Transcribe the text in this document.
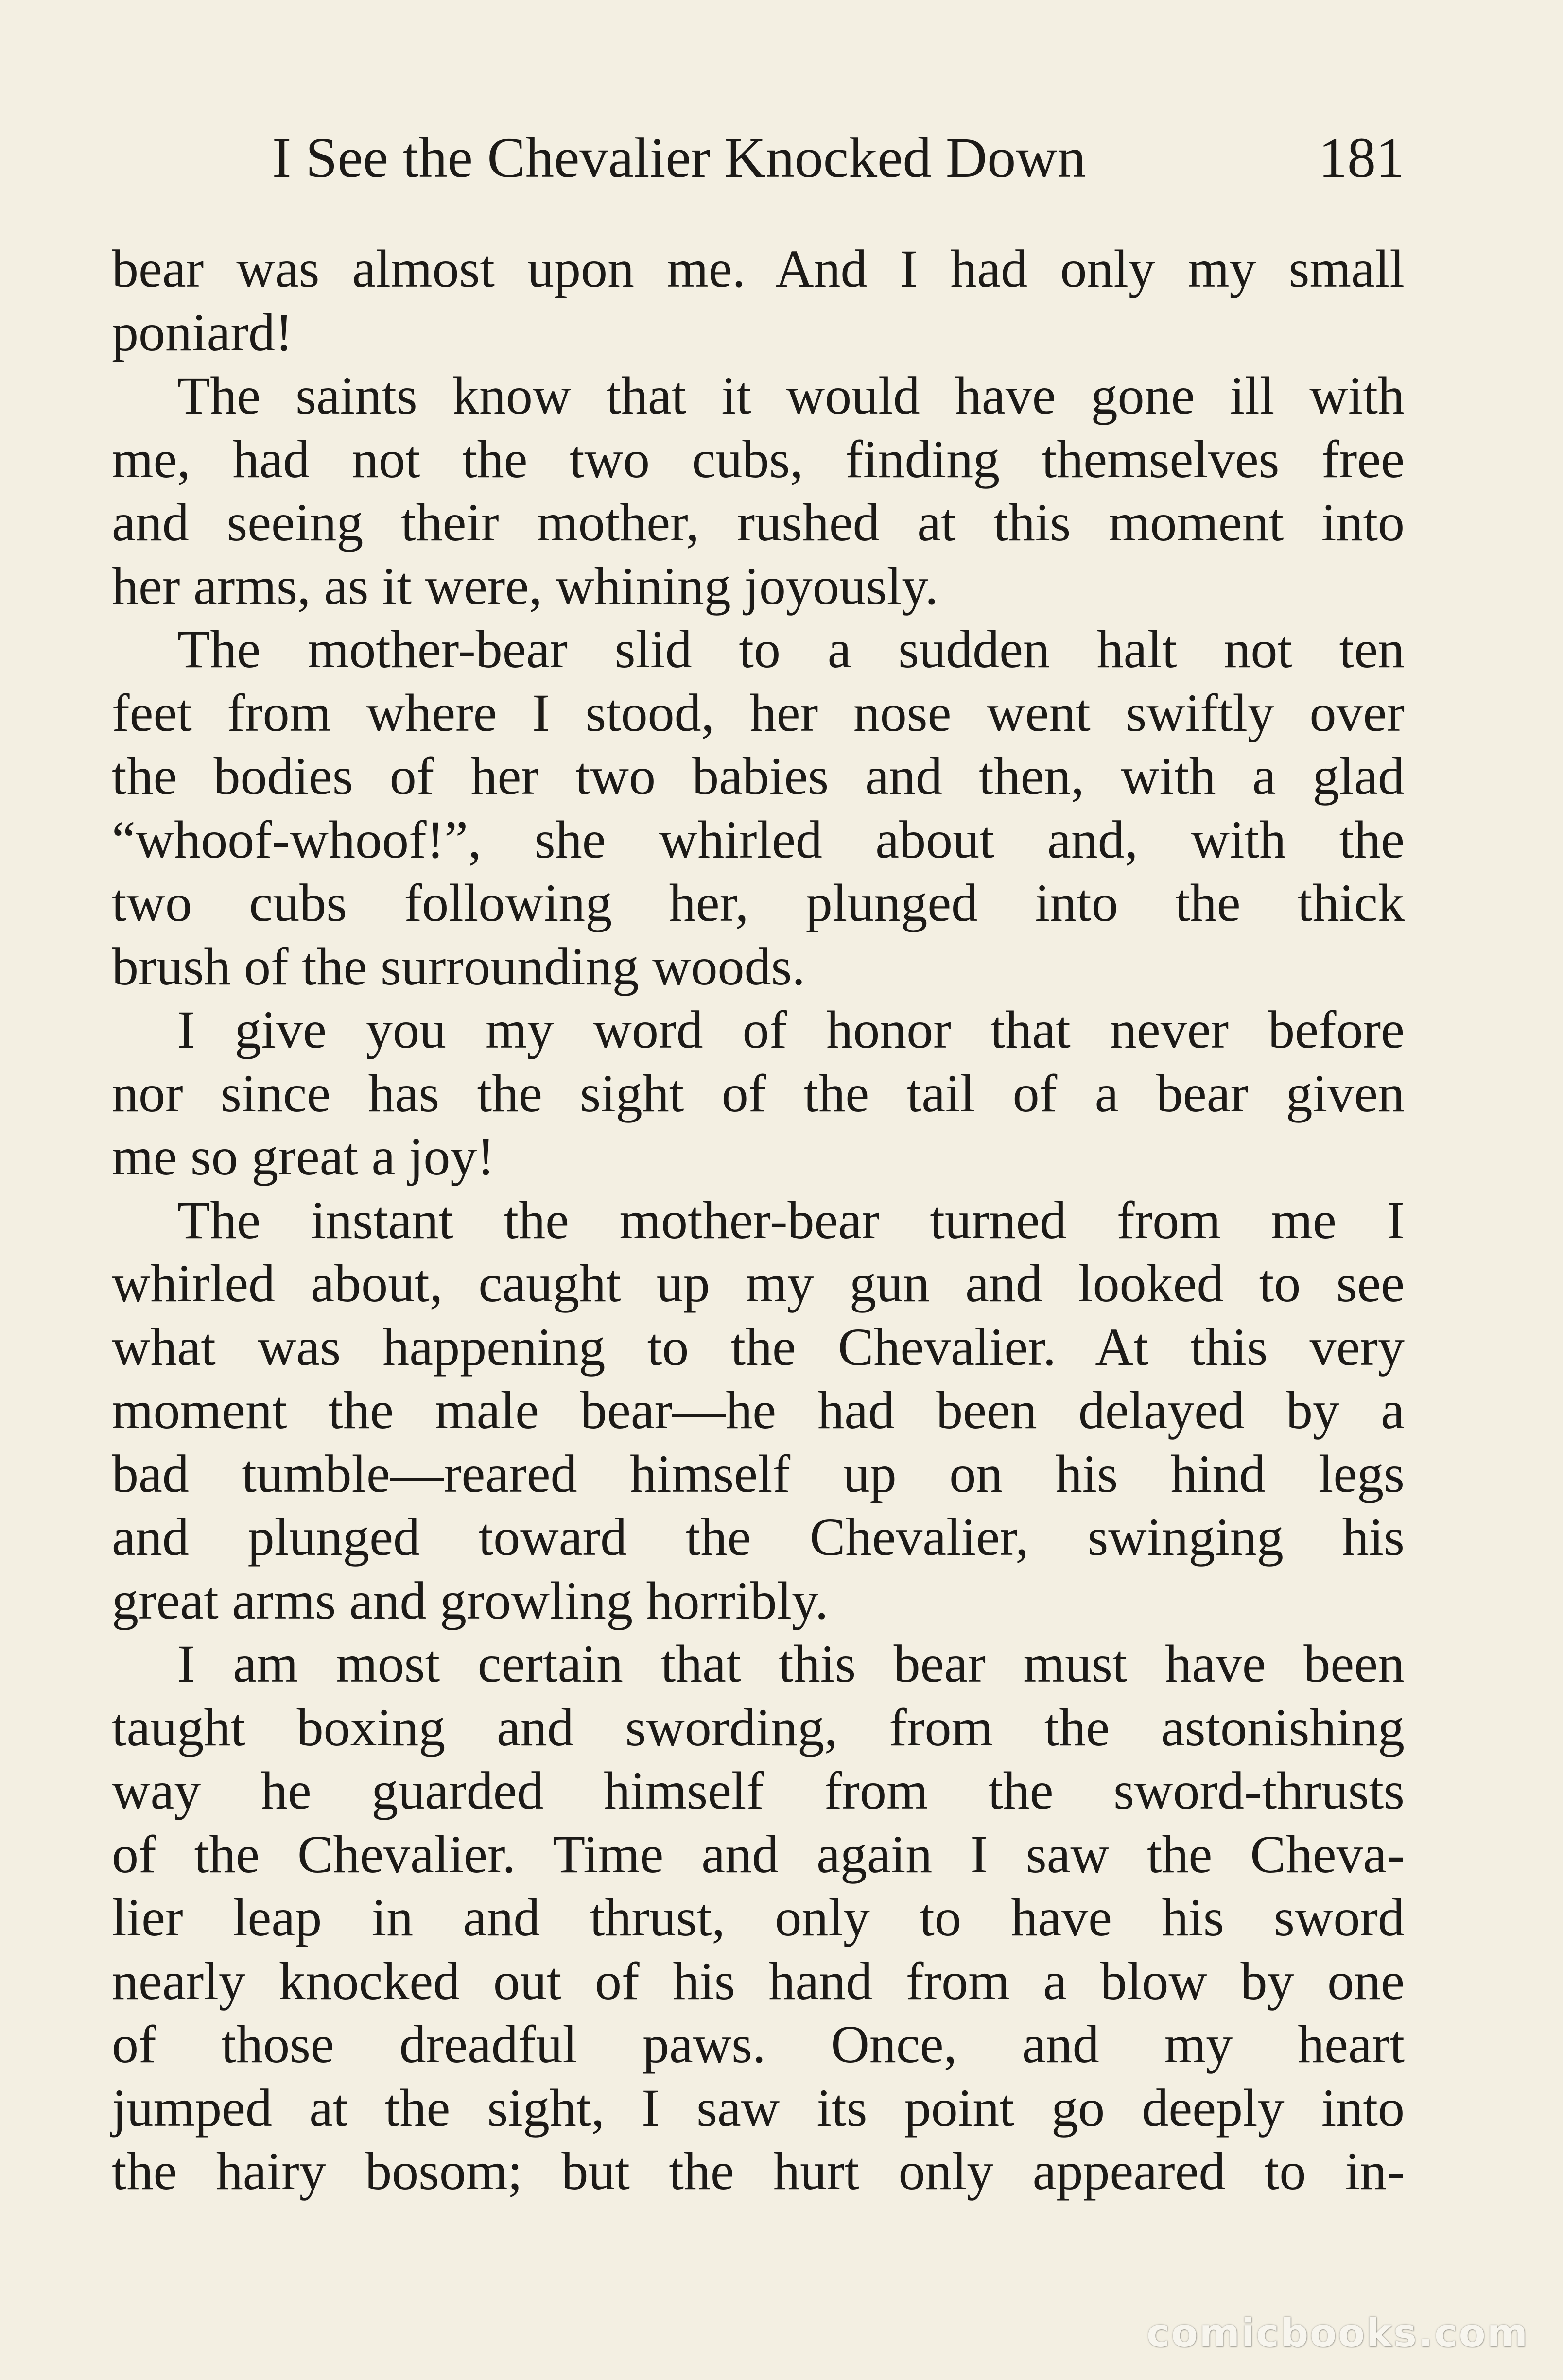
I See the Chevalier Knocked Down	181
bear was almost upon me. And I had only my small
poniard!
The saints know that it would have gone ill with
me, had not the two cubs, finding themselves free
and seeing their mother, rushed at this moment into
her arms, as it were, whining joyously.
The mother-bear slid to a sudden halt not ten
feet from where I stood, her nose went swiftly over
the bodies of her two babies and then, with a glad
“whoof-whoof!”, she whirled about and, with the
two cubs following her, plunged into the thick
brush of the surrounding woods.
I give you my word of honor that never before
nor since has the sight of the tail of a bear given
me so great a joy!
The instant the mother-bear turned from me I
whirled about, caught up my gun and looked to see
what was happening to the Chevalier. At this very
moment the male bear—he had been delayed by a
bad tumble—reared himself up on his hind legs
and plunged toward the Chevalier, swinging his
great arms and growling horribly.
I am most certain that this bear must have been
taught boxing and swording, from the astonishing
way he guarded himself from the sword-thrusts
of the Chevalier. Time and again I saw the Cheva-
lier leap in and thrust, only to have his sword
nearly knocked out of his hand from a blow by one
of those dreadful paws. Once, and my heart
jumped at the sight, I saw its point go deeply into
the hairy bosom; but the hurt only appeared to in-
comicbooks.com
